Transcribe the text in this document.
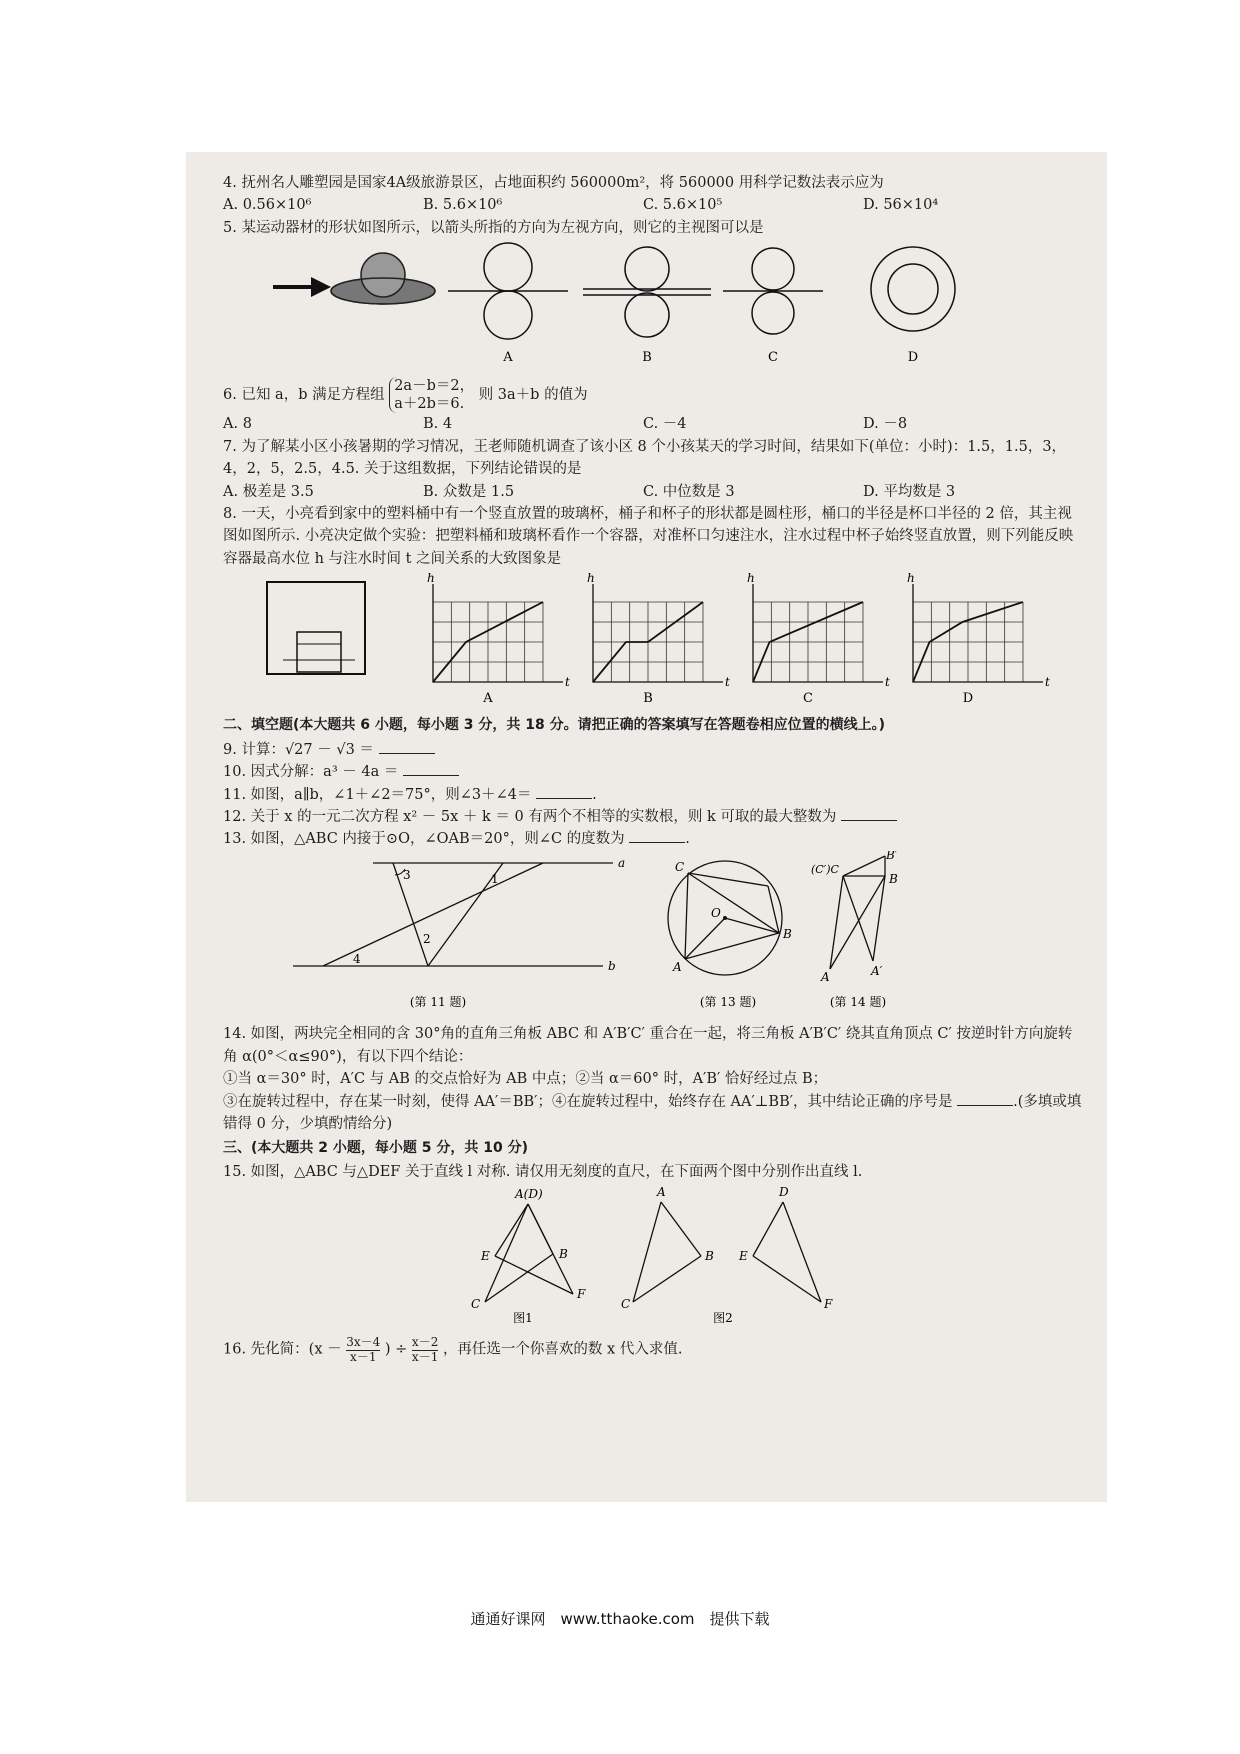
4. 抚州名人雕塑园是国家4A级旅游景区，占地面积约 560000m²，将 560000 用科学记数法表示应为

A. 0.56×10⁶	B. 5.6×10⁶	C. 5.6×10⁵	D. 56×10⁴

5. 某运动器材的形状如图所示，以箭头所指的方向为左视方向，则它的主视图可以是

A	B	C	D
6. 已知 a，b 满足方程组
2a－b＝2，
a＋2b＝6.
则 3a＋b 的值为
A. 8	B. 4	C. －4	D. －8

7. 为了解某小区小孩暑期的学习情况，王老师随机调查了该小区 8 个小孩某天的学习时间，结果如下(单位：小时)：1.5，1.5，3，4，2，5，2.5，4.5. 关于这组数据，下列结论错误的是

A. 极差是 3.5	B. 众数是 1.5	C. 中位数是 3	D. 平均数是 3

8. 一天，小亮看到家中的塑料桶中有一个竖直放置的玻璃杯，桶子和杯子的形状都是圆柱形，桶口的半径是杯口半径的 2 倍，其主视图如图所示. 小亮决定做个实验：把塑料桶和玻璃杯看作一个容器，对准杯口匀速注水，注水过程中杯子始终竖直放置，则下列能反映容器最高水位 h 与注水时间 t 之间关系的大致图象是

h
t
A
h
t
B
h
t
C
h
t
D

二、填空题(本大题共 6 小题，每小题 3 分，共 18 分。请把正确的答案填写在答题卷相应位置的横线上。)

9. 计算：√27 － √3 ＝

10. 因式分解：a³ － 4a ＝

11. 如图，a∥b，∠1＋∠2＝75°，则∠3＋∠4＝	.

12. 关于 x 的一元二次方程 x² － 5x ＋ k ＝ 0 有两个不相等的实数根，则 k 可取的最大整数为

13. 如图，△ABC 内接于⊙O，∠OAB＝20°，则∠C 的度数为	.

a
b
1
2
3
4
(第 11 题)
C
B
A
O
(第 13 题)
(C′)C
B
B′
A	A′
(第 14 题)

14. 如图，两块完全相同的含 30°角的直角三角板 ABC 和 A′B′C′ 重合在一起，将三角板 A′B′C′ 绕其直角顶点 C′ 按逆时针方向旋转角 α(0°＜α≤90°)，有以下四个结论：

①当 α＝30° 时，A′C 与 AB 的交点恰好为 AB 中点；②当 α＝60° 时，A′B′ 恰好经过点 B；

③在旋转过程中，存在某一时刻，使得 AA′＝BB′；④在旋转过程中，始终存在 AA′⊥BB′，其中结论正确的序号是	.(多填或填错得 0 分，少填酌情给分)

三、(本大题共 2 小题，每小题 5 分，共 10 分)

15. 如图，△ABC 与△DEF 关于直线 l 对称. 请仅用无刻度的直尺，在下面两个图中分别作出直线 l.

A(D)
E	B
C
F
图1
A	D
B E
C	F
图2
16. 先化简：($x - \frac{3x-4}{x-1}$ ) ÷ $\frac{x-2}{x-1}$ ，再任选一个你喜欢的数 x 代入求值.
通通好课网　www.tthaoke.com　提供下载
